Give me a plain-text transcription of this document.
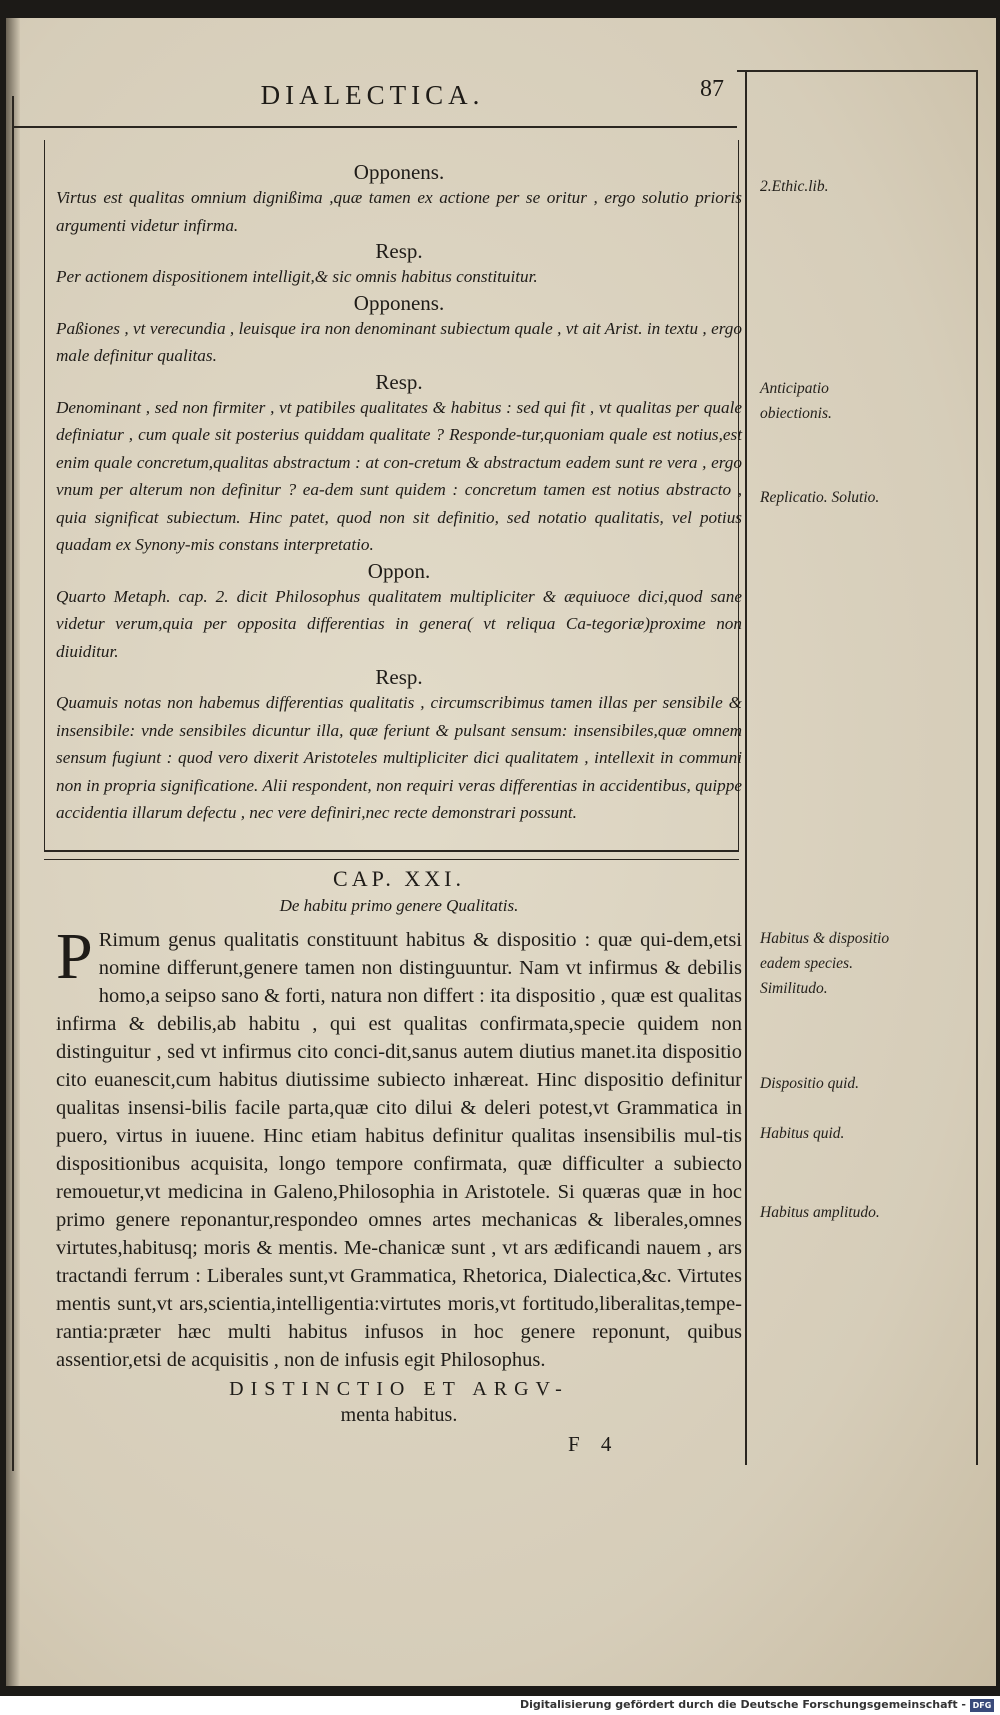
DIALECTICA.	87

Opponens.

Virtus est qualitas omnium dignißima ,quæ tamen ex actione per se oritur , ergo solutio prioris argumenti videtur infirma.

Resp.

Per actionem dispositionem intelligit,& sic omnis habitus constituitur.

Opponens.

Paßiones , vt verecundia , leuisque ira non denominant subiectum quale , vt ait Arist. in textu , ergo male definitur qualitas.

Resp.

Denominant , sed non firmiter , vt patibiles qualitates & habitus : sed qui fit , vt qualitas per quale definiatur , cum quale sit posterius quiddam qualitate ? Responde-tur,quoniam quale est notius,est enim quale concretum,qualitas abstractum : at con-cretum & abstractum eadem sunt re vera , ergo vnum per alterum non definitur ? ea-dem sunt quidem : concretum tamen est notius abstracto , quia significat subiectum. Hinc patet, quod non sit definitio, sed notatio qualitatis, vel potius quadam ex Synony-mis constans interpretatio.

Oppon.

Quarto Metaph. cap. 2. dicit Philosophus qualitatem multipliciter & æquiuoce dici,quod sane videtur verum,quia per opposita differentias in genera( vt reliqua Ca-tegoriæ)proxime non diuiditur.

Resp.

Quamuis notas non habemus differentias qualitatis , circumscribimus tamen illas per sensibile & insensibile: vnde sensibiles dicuntur illa, quæ feriunt & pulsant sensum: insensibiles,quæ omnem sensum fugiunt : quod vero dixerit Aristoteles multipliciter dici qualitatem , intellexit in communi non in propria significatione. Alii respondent, non requiri veras differentias in accidentibus, quippe accidentia illarum defectu , nec vere definiri,nec recte demonstrari possunt.

CAP. XXI.

De habitu primo genere Qualitatis.

P Rimum genus qualitatis constituunt habitus & dispositio : quæ qui-dem,etsi nomine differunt,genere tamen non distinguuntur. Nam vt infirmus & debilis homo,a seipso sano & forti, natura non differt : ita dispositio , quæ est qualitas infirma & debilis,ab habitu , qui est qualitas confirmata,specie quidem non distinguitur , sed vt infirmus cito conci-dit,sanus autem diutius manet.ita dispositio cito euanescit,cum habitus diutissime subiecto inhæreat. Hinc dispositio definitur qualitas insensi-bilis facile parta,quæ cito dilui & deleri potest,vt Grammatica in puero, virtus in iuuene. Hinc etiam habitus definitur qualitas insensibilis mul-tis dispositionibus acquisita, longo tempore confirmata, quæ difficulter a subiecto remouetur,vt medicina in Galeno,Philosophia in Aristotele. Si quæras quæ in hoc primo genere reponantur,respondeo omnes artes mechanicas & liberales,omnes virtutes,habitusq; moris & mentis. Me-chanicæ sunt , vt ars ædificandi nauem , ars tractandi ferrum : Liberales sunt,vt Grammatica, Rhetorica, Dialectica,&c. Virtutes mentis sunt,vt ars,scientia,intelligentia:virtutes moris,vt fortitudo,liberalitas,tempe-rantia:præter hæc multi habitus infusos in hoc genere reponunt, quibus assentior,etsi de acquisitis , non de infusis egit Philosophus.

DISTINCTIO ET ARGV-

menta habitus.

F 4
2.Ethic.lib.
Anticipatio obiectionis.
Replicatio. Solutio.
Habitus & dispositio eadem species. Similitudo.
Dispositio quid.
Habitus quid.
Habitus amplitudo.
Digitalisierung gefördert durch die Deutsche Forschungsgemeinschaft - DFG
